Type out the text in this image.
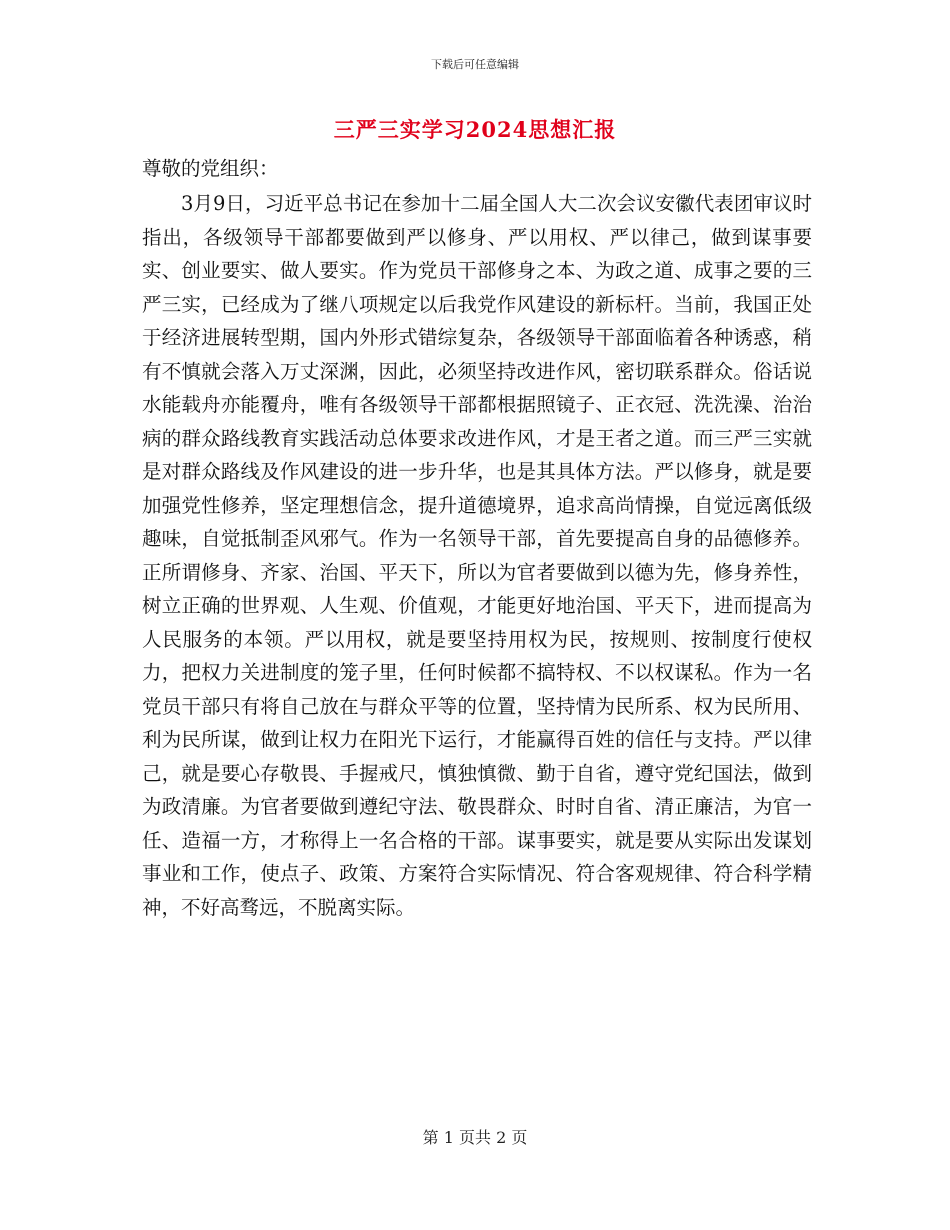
下载后可任意编辑
三严三实学习2024思想汇报
尊敬的党组织：

3月9日，习近平总书记在参加十二届全国人大二次会议安徽代表团审议时指出，各级领导干部都要做到严以修身、严以用权、严以律己，做到谋事要实、创业要实、做人要实。作为党员干部修身之本、为政之道、成事之要的三严三实，已经成为了继八项规定以后我党作风建设的新标杆。当前，我国正处于经济进展转型期，国内外形式错综复杂，各级领导干部面临着各种诱惑，稍有不慎就会落入万丈深渊，因此，必须坚持改进作风，密切联系群众。俗话说水能载舟亦能覆舟，唯有各级领导干部都根据照镜子、正衣冠、洗洗澡、治治病的群众路线教育实践活动总体要求改进作风，才是王者之道。而三严三实就是对群众路线及作风建设的进一步升华，也是其具体方法。严以修身，就是要加强党性修养，坚定理想信念，提升道德境界，追求高尚情操，自觉远离低级趣味，自觉抵制歪风邪气。作为一名领导干部，首先要提高自身的品德修养。正所谓修身、齐家、治国、平天下，所以为官者要做到以德为先，修身养性，树立正确的世界观、人生观、价值观，才能更好地治国、平天下，进而提高为人民服务的本领。严以用权，就是要坚持用权为民，按规则、按制度行使权力，把权力关进制度的笼子里，任何时候都不搞特权、不以权谋私。作为一名党员干部只有将自己放在与群众平等的位置，坚持情为民所系、权为民所用、利为民所谋，做到让权力在阳光下运行，才能赢得百姓的信任与支持。严以律己，就是要心存敬畏、手握戒尺，慎独慎微、勤于自省，遵守党纪国法，做到为政清廉。为官者要做到遵纪守法、敬畏群众、时时自省、清正廉洁，为官一任、造福一方，才称得上一名合格的干部。谋事要实，就是要从实际出发谋划事业和工作，使点子、政策、方案符合实际情况、符合客观规律、符合科学精神，不好高骛远，不脱离实际。

第 1 页共 2 页
